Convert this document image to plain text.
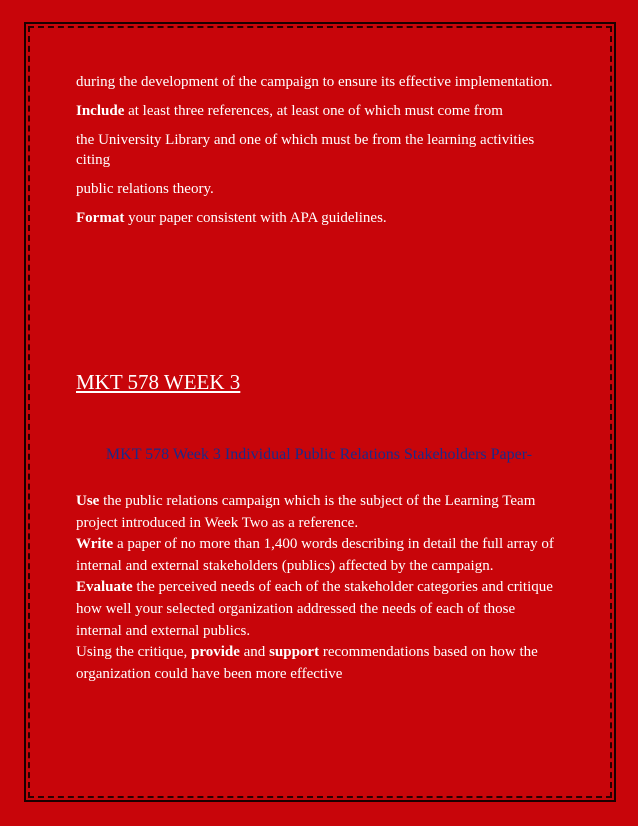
during the development of the campaign to ensure its effective implementation.

Include at least three references, at least one of which must come from

the University Library and one of which must be from the learning activities citing

public relations theory.

Format your paper consistent with APA guidelines.

MKT 578 WEEK 3
MKT 578 Week 3 Individual Public Relations Stakeholders Paper-

Use the public relations campaign which is the subject of the Learning Team project introduced in Week Two as a reference.

Write a paper of no more than 1,400 words describing in detail the full array of internal and external stakeholders (publics) affected by the campaign.

Evaluate the perceived needs of each of the stakeholder categories and critique how well your selected organization addressed the needs of each of those internal and external publics.

Using the critique, provide and support recommendations based on how the organization could have been more effective
